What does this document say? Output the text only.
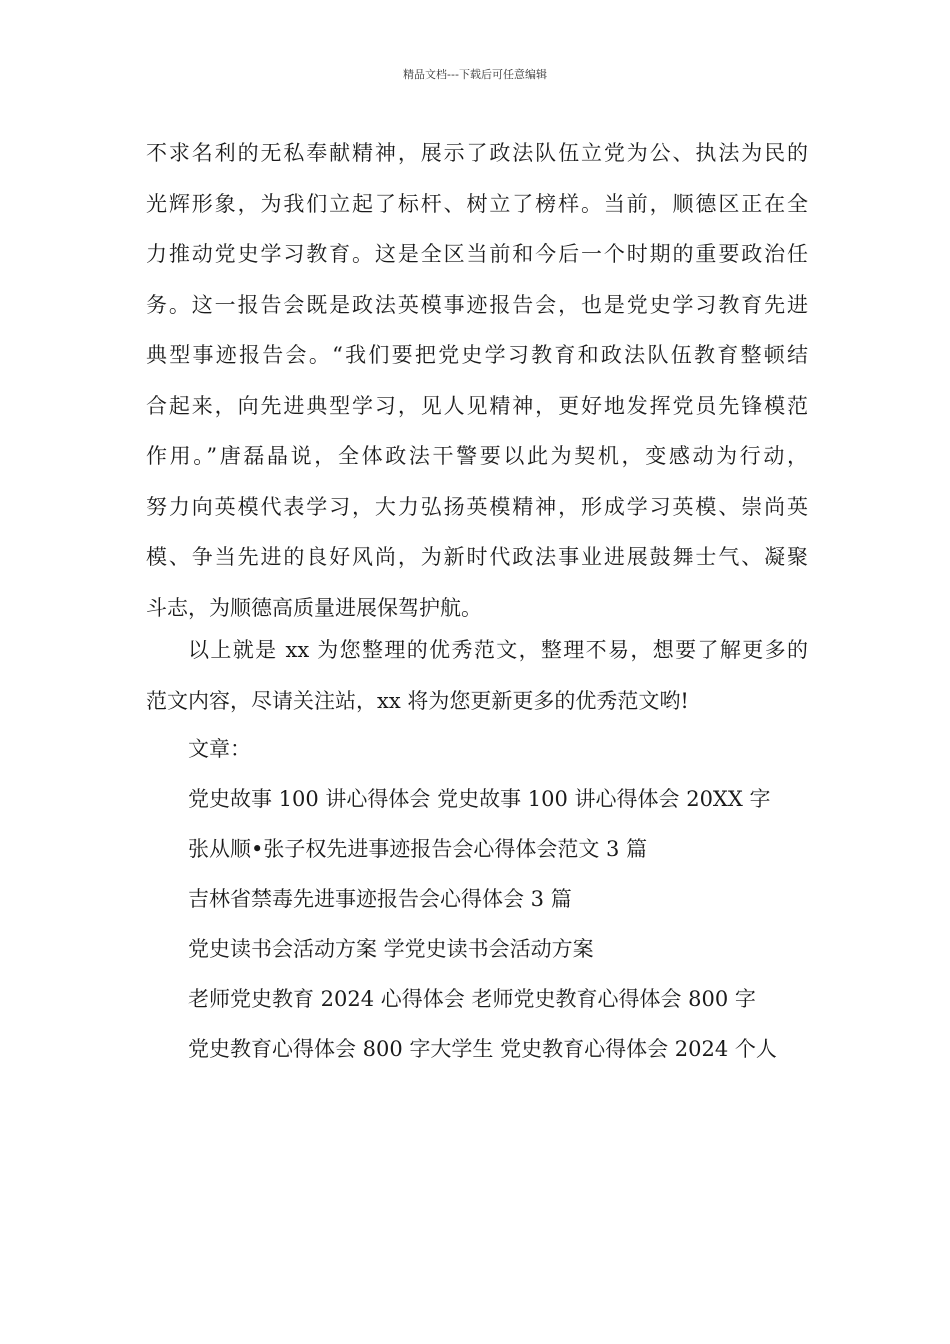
精品文档---下载后可任意编辑
不求名利的无私奉献精神，展示了政法队伍立党为公、执法为民的
光辉形象，为我们立起了标杆、树立了榜样。当前，顺德区正在全
力推动党史学习教育。这是全区当前和今后一个时期的重要政治任
务。这一报告会既是政法英模事迹报告会，也是党史学习教育先进
典型事迹报告会。“我们要把党史学习教育和政法队伍教育整顿结
合起来，向先进典型学习，见人见精神，更好地发挥党员先锋模范
作用。”唐磊晶说，全体政法干警要以此为契机，变感动为行动，
努力向英模代表学习，大力弘扬英模精神，形成学习英模、崇尚英
模、争当先进的良好风尚，为新时代政法事业进展鼓舞士气、凝聚
斗志，为顺德高质量进展保驾护航。
以上就是 xx 为您整理的优秀范文，整理不易，想要了解更多的
范文内容，尽请关注站，xx 将为您更新更多的优秀范文哟!
文章：
党史故事 100 讲心得体会 党史故事 100 讲心得体会 20XX 字
张从顺•张子权先进事迹报告会心得体会范文 3 篇
吉林省禁毒先进事迹报告会心得体会 3 篇
党史读书会活动方案 学党史读书会活动方案
老师党史教育 2024 心得体会 老师党史教育心得体会 800 字
党史教育心得体会 800 字大学生 党史教育心得体会 2024 个人
